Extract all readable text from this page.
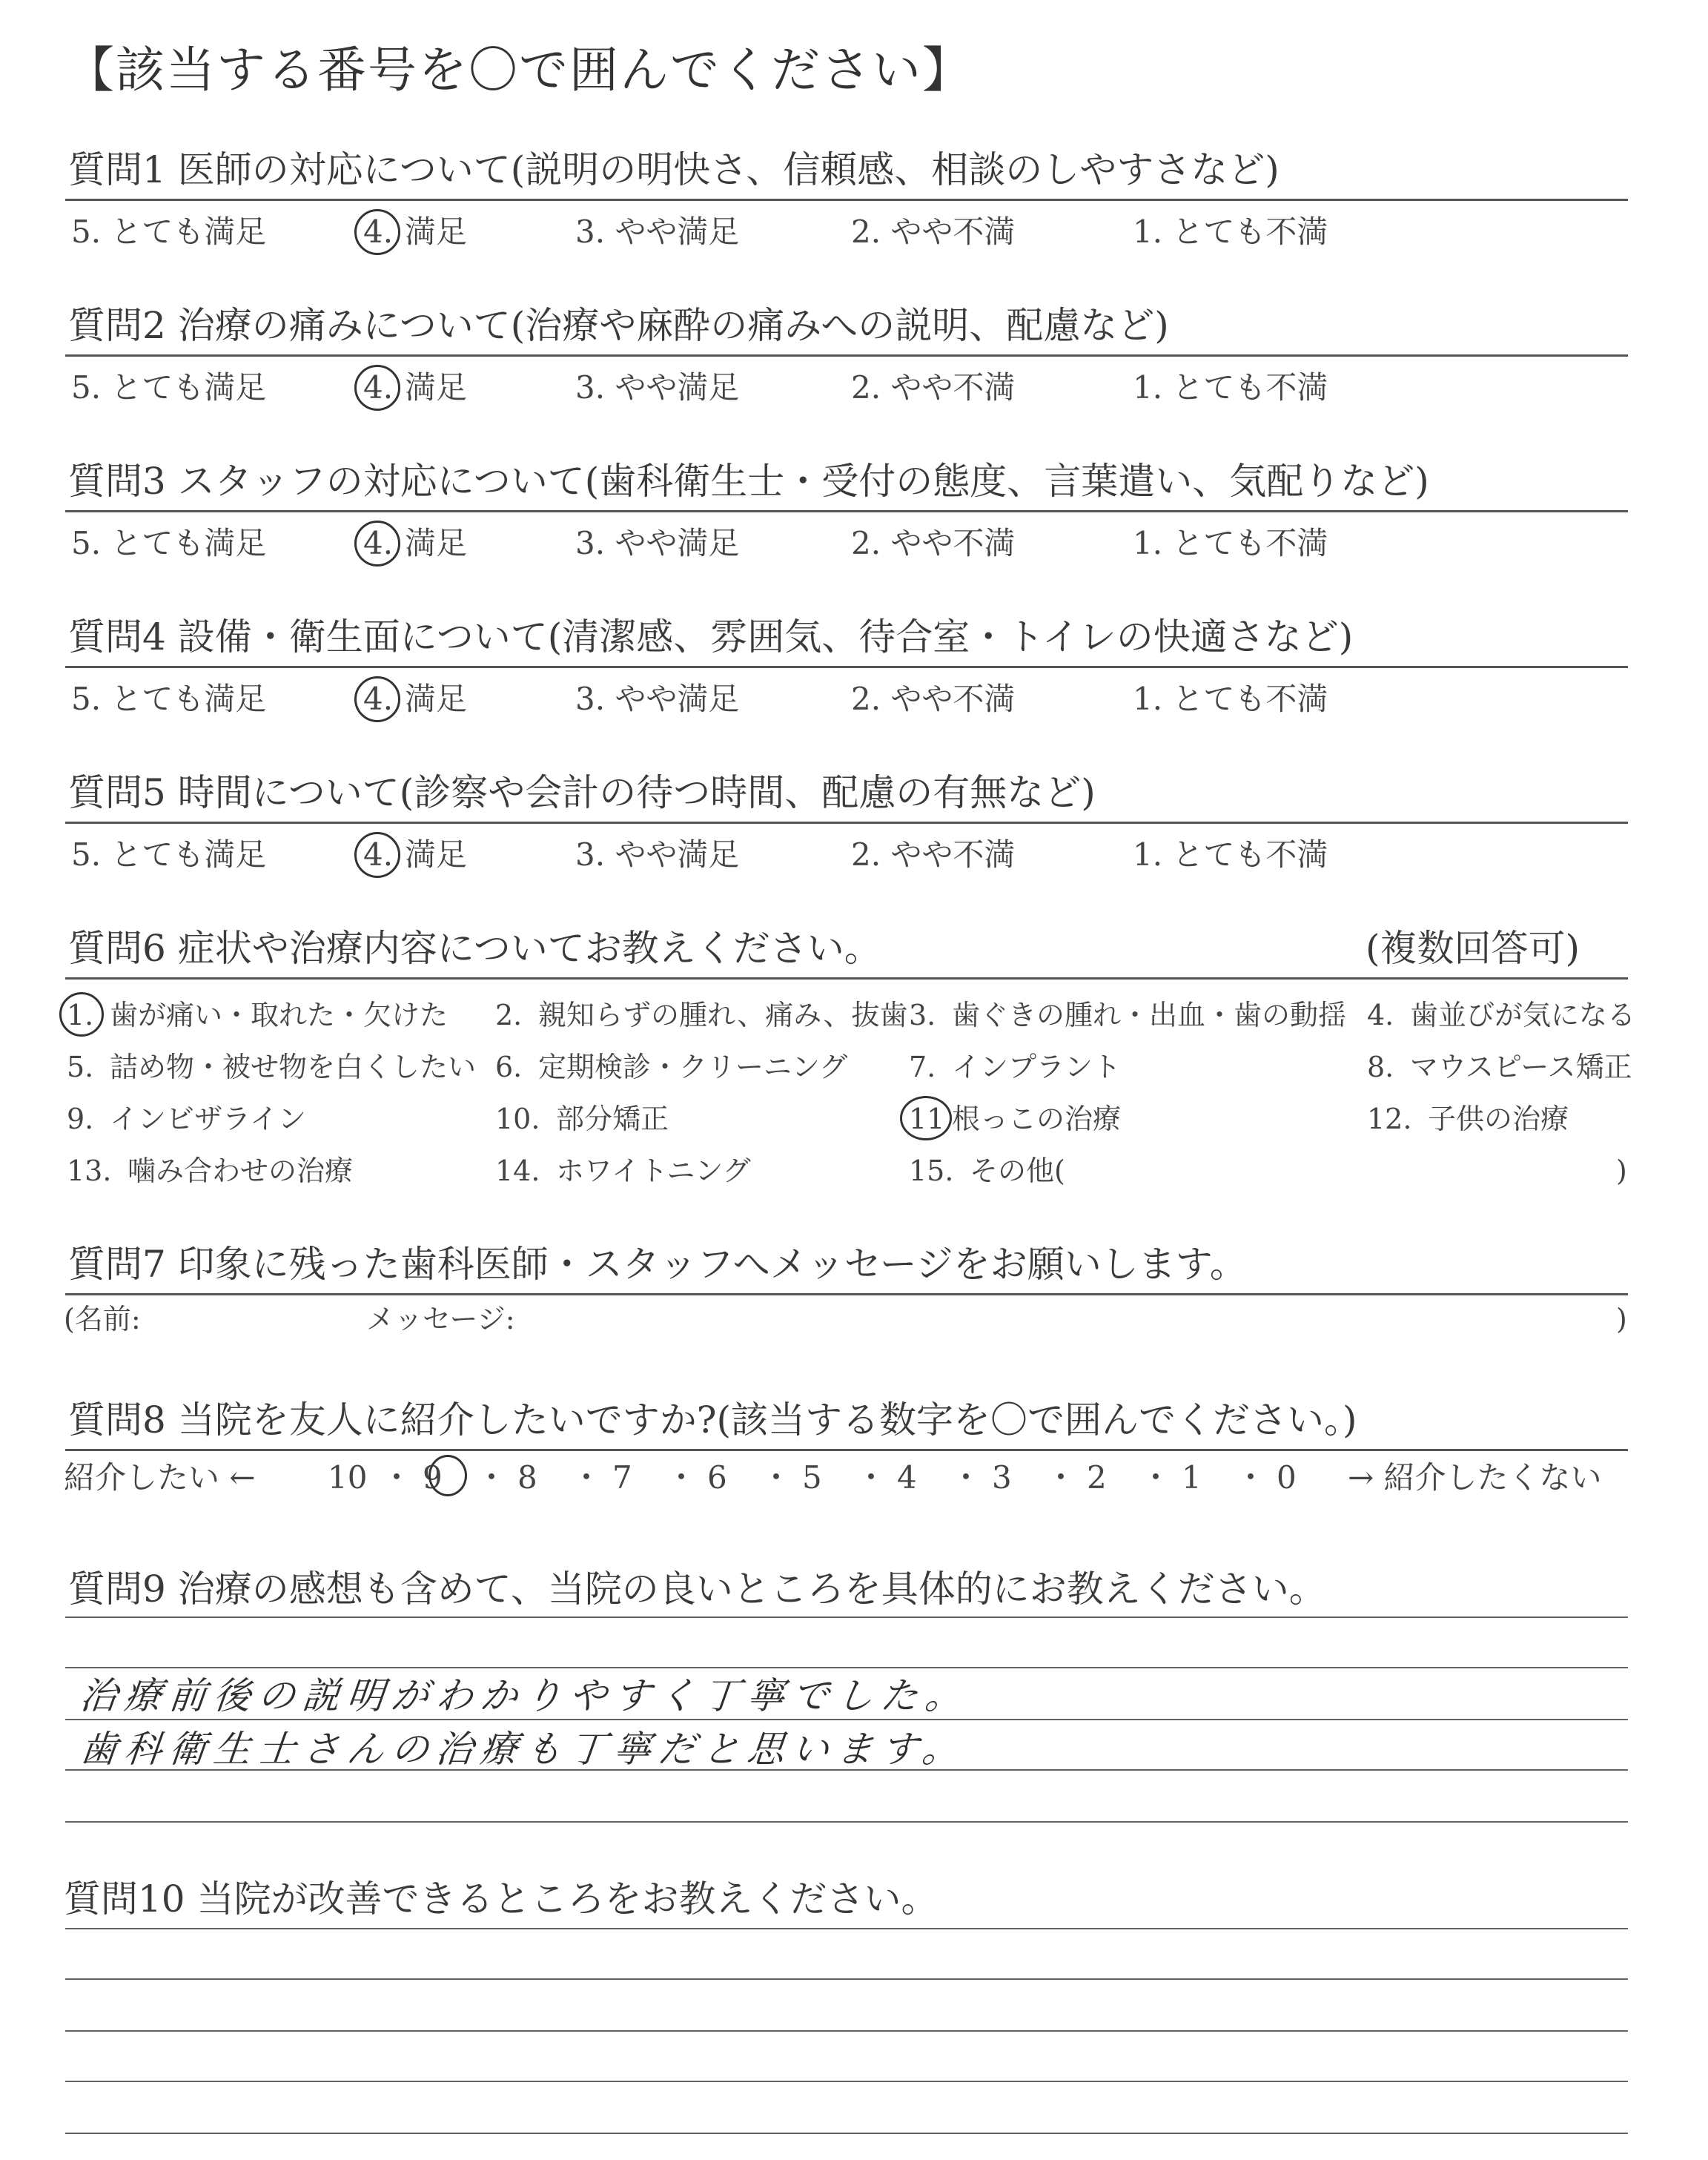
【該当する番号を〇で囲んでください】
質問1 医師の対応について(説明の明快さ、信頼感、相談のしやすさなど)
5. とても満足	4. 満足	3. やや満足	2. やや不満	1. とても不満
質問2 治療の痛みについて(治療や麻酔の痛みへの説明、配慮など)
5. とても満足	4. 満足	3. やや満足	2. やや不満	1. とても不満
質問3 スタッフの対応について(歯科衛生士・受付の態度、言葉遣い、気配りなど)
5. とても満足	4. 満足	3. やや満足	2. やや不満	1. とても不満
質問4 設備・衛生面について(清潔感、雰囲気、待合室・トイレの快適さなど)
5. とても満足	4. 満足	3. やや満足	2. やや不満	1. とても不満
質問5 時間について(診察や会計の待つ時間、配慮の有無など)
5. とても満足	4. 満足	3. やや満足	2. やや不満	1. とても不満
質問6 症状や治療内容についてお教えください。	(複数回答可)
1. 歯が痛い・取れた・欠けた 2. 親知らずの腫れ、痛み、抜歯 3. 歯ぐきの腫れ・出血・歯の動揺 4. 歯並びが気になる
5. 詰め物・被せ物を白くしたい 6. 定期検診・クリーニング 7. インプラント	8. マウスピース矯正
9. インビザライン	10. 部分矯正	11 根っこの治療	12. 子供の治療
13. 噛み合わせの治療	14. ホワイトニング	15. その他(	)
質問7 印象に残った歯科医師・スタッフへメッセージをお願いします。
(名前:	メッセージ:	)
質問8 当院を友人に紹介したいですか?(該当する数字を〇で囲んでください。)
紹介したい ←	→ 紹介したくない
10 ・ 9 ・ 8 ・ 7 ・ 6 ・ 5 ・ 4 ・ 3 ・ 2 ・ 1 ・ 0
質問9 治療の感想も含めて、当院の良いところを具体的にお教えください。
治療前後の説明がわかりやすく丁寧でした。
歯科衛生士さんの治療も丁寧だと思います。
質問10 当院が改善できるところをお教えください。
